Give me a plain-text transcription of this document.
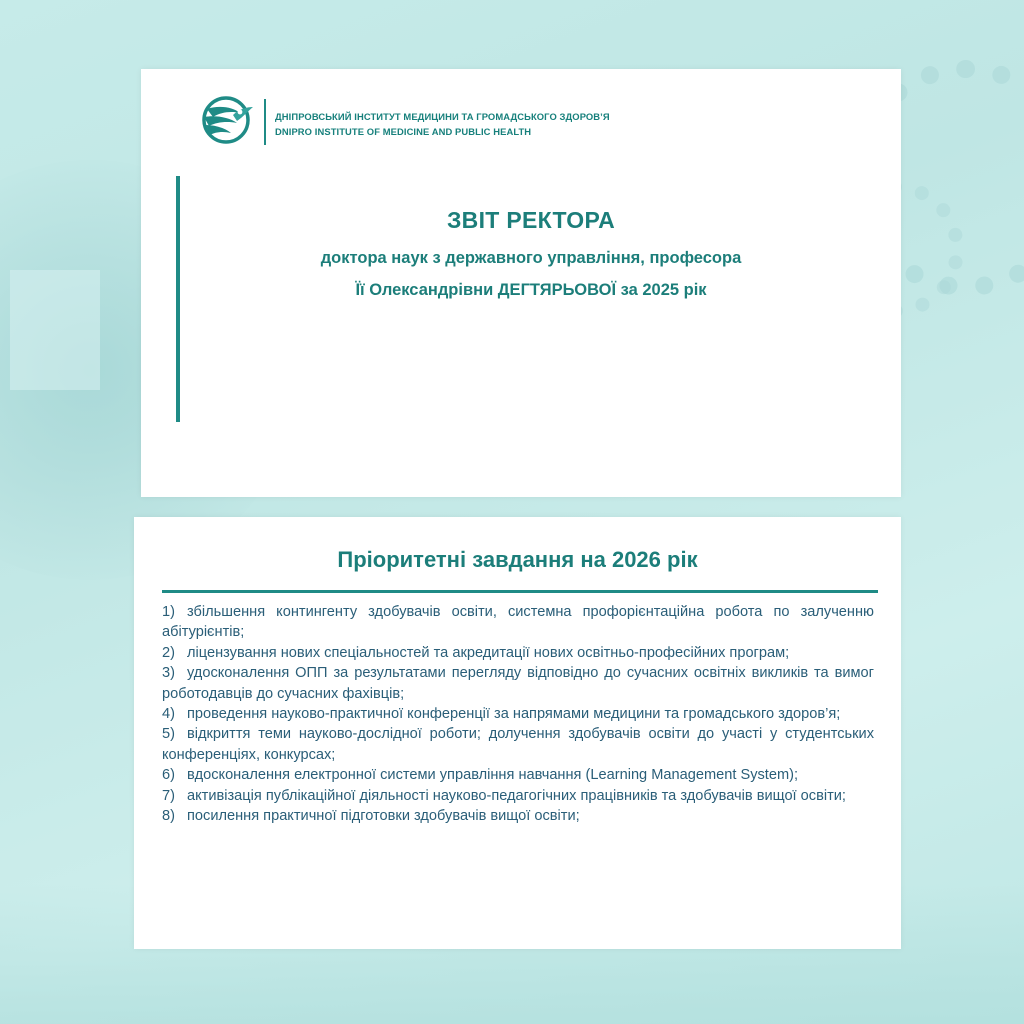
ДНІПРОВСЬКИЙ ІНСТИТУТ МЕДИЦИНИ ТА ГРОМАДСЬКОГО ЗДОРОВ’Я
DNIPRO INSTITUTE OF MEDICINE AND PUBLIC HEALTH
ЗВІТ РЕКТОРА
доктора наук з державного управління, професора
Її Олександрівни ДЕГТЯРЬОВОЇ за 2025 рік
Пріоритетні завдання на 2026 рік
1) збільшення контингенту здобувачів освіти, системна профорієнтаційна робота по залученню абітурієнтів;
2) ліцензування нових спеціальностей та акредитації нових освітньо-професійних програм;
3) удосконалення ОПП за результатами перегляду відповідно до сучасних освітніх викликів та вимог роботодавців до сучасних фахівців;
4) проведення науково-практичної конференції за напрямами медицини та громадського здоров’я;
5) відкриття теми науково-дослідної роботи; долучення здобувачів освіти до участі у студентських конференціях, конкурсах;
6) вдосконалення електронної системи управління навчання (Learning Management System);
7) активізація публікаційної діяльності науково-педагогічних працівників та здобувачів вищої освіти;
8) посилення практичної підготовки здобувачів вищої освіти;
